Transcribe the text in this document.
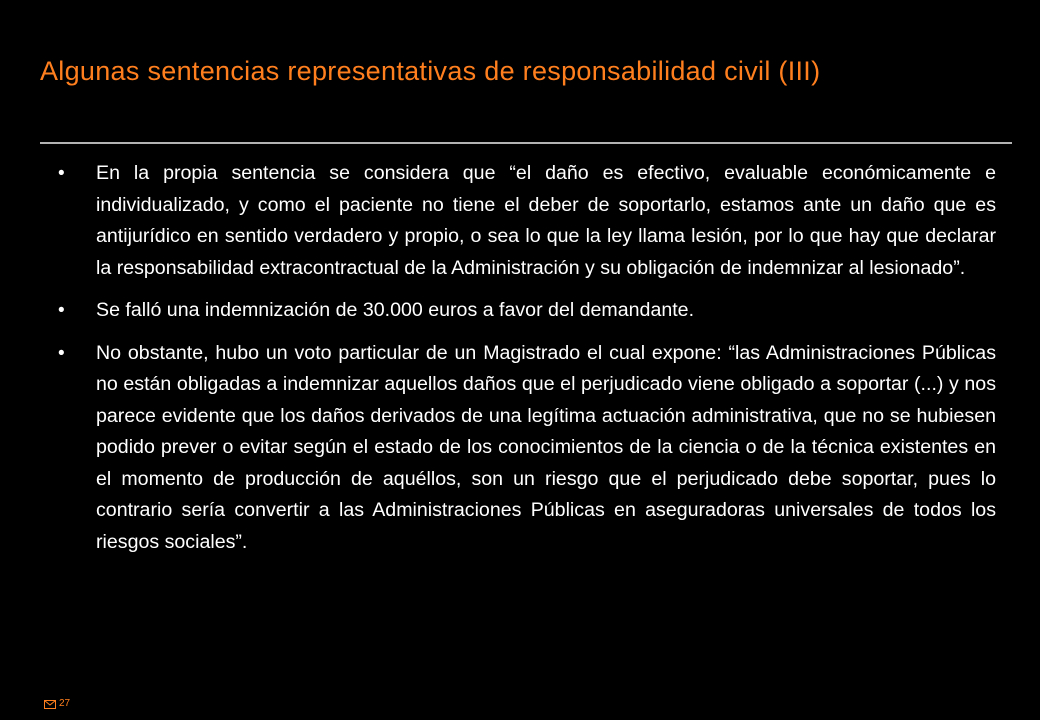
Algunas sentencias representativas de responsabilidad civil (III)
• En la propia sentencia se considera que “el daño es efectivo, evaluable económicamente e individualizado, y como el paciente no tiene el deber de soportarlo, estamos ante un daño que es antijurídico en sentido verdadero y propio, o sea lo que la ley llama lesión, por lo que hay que declarar la responsabilidad extracontractual de la Administración y su obligación de indemnizar al lesionado”.
• Se falló una indemnización de 30.000 euros a favor del demandante.
• No obstante, hubo un voto particular de un Magistrado el cual expone: “las Administraciones Públicas no están obligadas a indemnizar aquellos daños que el perjudicado viene obligado a soportar (...) y nos parece evidente que los daños derivados de una legítima actuación administrativa, que no se hubiesen podido prever o evitar según el estado de los conocimientos de la ciencia o de la técnica existentes en el momento de producción de aquéllos, son un riesgo que el perjudicado debe soportar, pues lo contrario sería convertir a las Administraciones Públicas en aseguradoras universales de todos los riesgos sociales”.
27
